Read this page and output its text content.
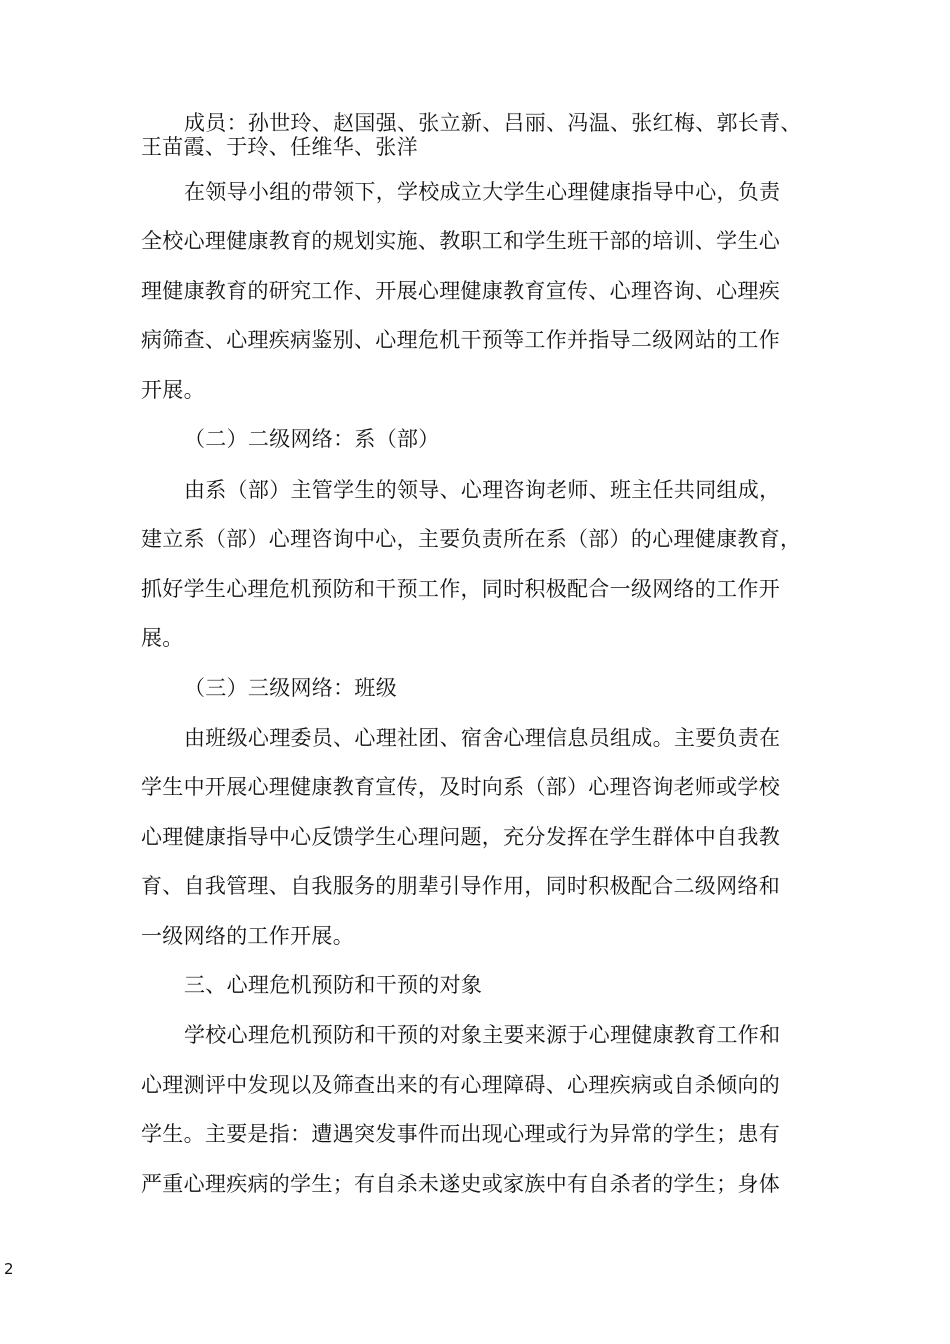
成员：孙世玲、赵国强、张立新、吕丽、冯温、张红梅、郭长青、
王苗霞、于玲、任维华、张洋
在领导小组的带领下，学校成立大学生心理健康指导中心，负责
全校心理健康教育的规划实施、教职工和学生班干部的培训、学生心
理健康教育的研究工作、开展心理健康教育宣传、心理咨询、心理疾
病筛查、心理疾病鉴别、心理危机干预等工作并指导二级网站的工作
开展。
（二）二级网络：系（部）
由系（部）主管学生的领导、心理咨询老师、班主任共同组成，
建立系（部）心理咨询中心，主要负责所在系（部）的心理健康教育，
抓好学生心理危机预防和干预工作，同时积极配合一级网络的工作开
展。
（三）三级网络：班级
由班级心理委员、心理社团、宿舍心理信息员组成。主要负责在
学生中开展心理健康教育宣传，及时向系（部）心理咨询老师或学校
心理健康指导中心反馈学生心理问题，充分发挥在学生群体中自我教
育、自我管理、自我服务的朋辈引导作用，同时积极配合二级网络和
一级网络的工作开展。
三、心理危机预防和干预的对象
学校心理危机预防和干预的对象主要来源于心理健康教育工作和
心理测评中发现以及筛查出来的有心理障碍、心理疾病或自杀倾向的
学生。主要是指：遭遇突发事件而出现心理或行为异常的学生；患有
严重心理疾病的学生；有自杀未遂史或家族中有自杀者的学生；身体
2
